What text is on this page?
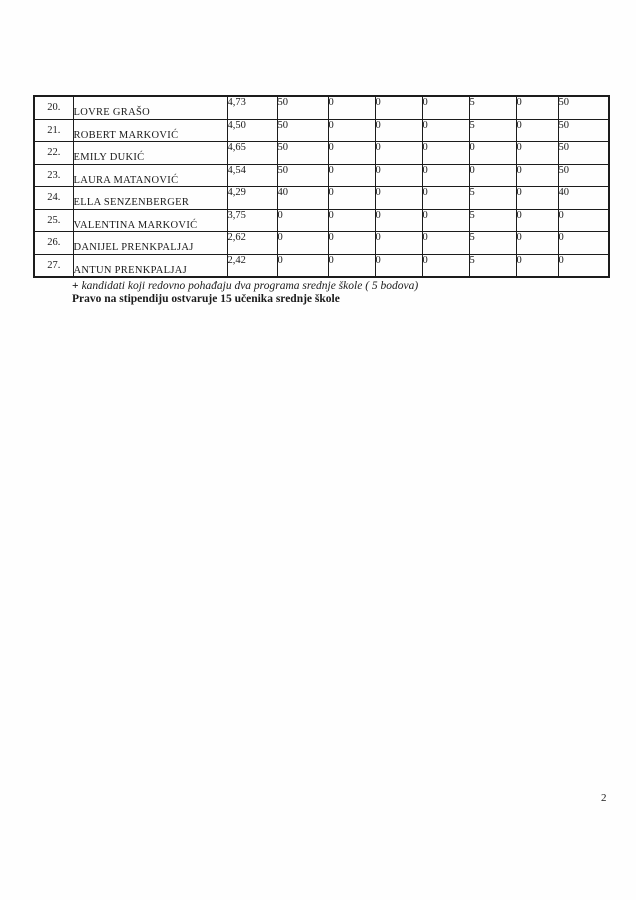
20.	LOVRE GRAŠO	4,73	50	0	0	0	5	0	50
21.	ROBERT MARKOVIĆ	4,50	50	0	0	0	5	0	50
22.	EMILY DUKIĆ	4,65	50	0	0	0	0	0	50
23.	LAURA MATANOVIĆ	4,54	50	0	0	0	0	0	50
24.	ELLA SENZENBERGER	4,29	40	0	0	0	5	0	40
25.	VALENTINA MARKOVIĆ	3,75	0	0	0	0	5	0	0
26.	DANIJEL PRENKPALJAJ	2,62	0	0	0	0	5	0	0
27.	ANTUN PRENKPALJAJ	2,42	0	0	0	0	5	0	0
+ kandidati koji redovno pohađaju dva programa srednje škole ( 5 bodova)
Pravo na stipendiju ostvaruje 15 učenika srednje škole
2
